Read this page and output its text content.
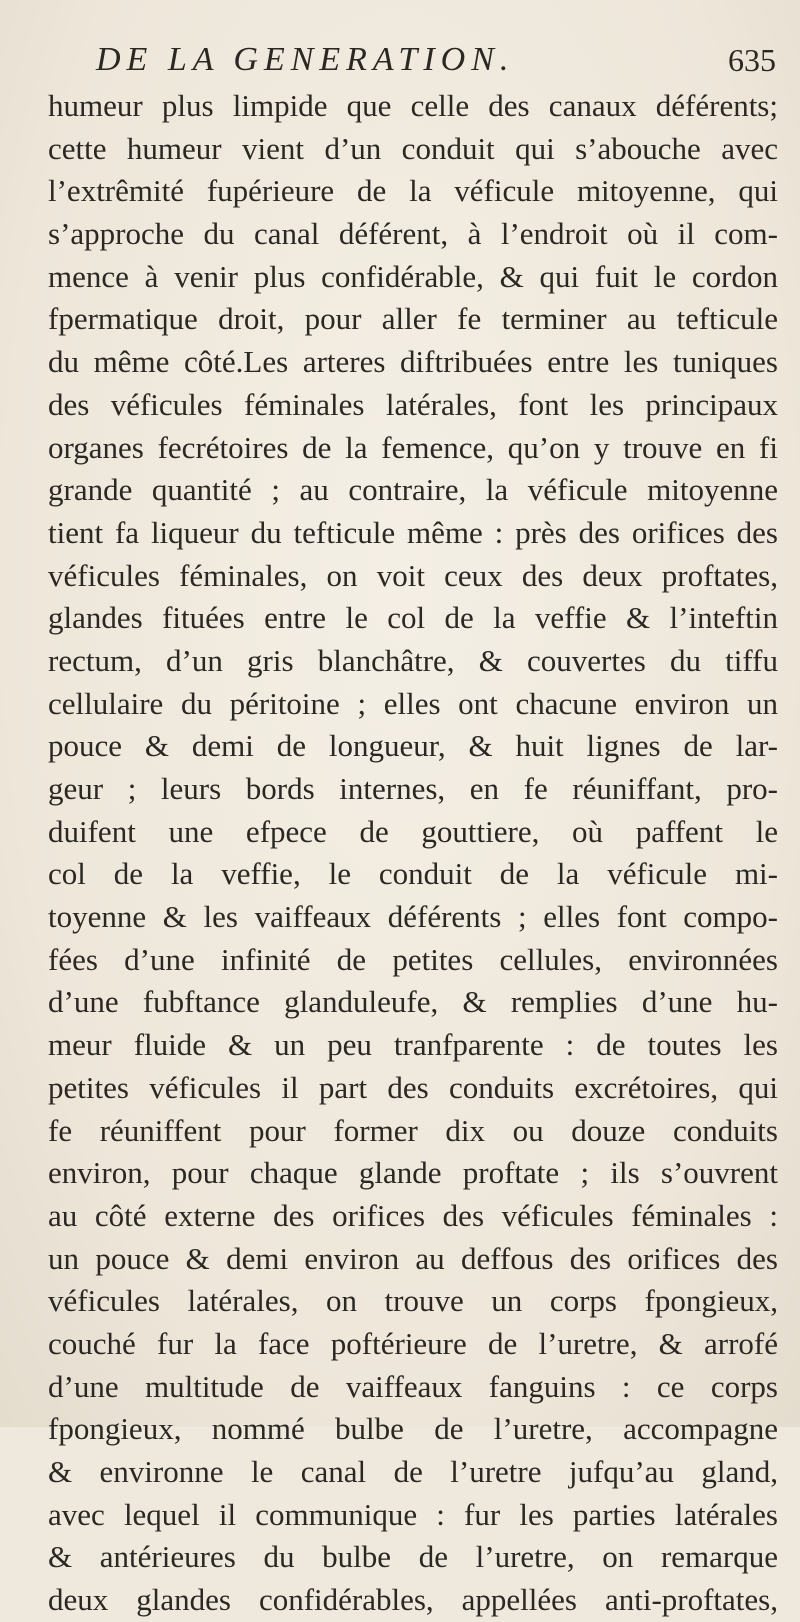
DE LA GENERATION.	635
humeur plus limpide que celle des canaux déférents;
cette humeur vient d’un conduit qui s’abouche avec
l’extrêmité fupérieure de la véficule mitoyenne, qui
s’approche du canal déférent, à l’endroit où il com-
mence à venir plus confidérable, & qui fuit le cordon
fpermatique droit, pour aller fe terminer au tefticule
du même côté.Les arteres diftribuées entre les tuniques
des véficules féminales latérales, font les principaux
organes fecrétoires de la femence, qu’on y trouve en fi
grande quantité ; au contraire, la véficule mitoyenne
tient fa liqueur du tefticule même : près des orifices des
véficules féminales, on voit ceux des deux proftates,
glandes fituées entre le col de la veffie & l’inteftin
rectum, d’un gris blanchâtre, & couvertes du tiffu
cellulaire du péritoine ; elles ont chacune environ un
pouce & demi de longueur, & huit lignes de lar-
geur ; leurs bords internes, en fe réuniffant, pro-
duifent une efpece de gouttiere, où paffent le
col de la veffie, le conduit de la véficule mi-
toyenne & les vaiffeaux déférents ; elles font compo-
fées d’une infinité de petites cellules, environnées
d’une fubftance glanduleufe, & remplies d’une hu-
meur fluide & un peu tranfparente : de toutes les
petites véficules il part des conduits excrétoires, qui
fe réuniffent pour former dix ou douze conduits
environ, pour chaque glande proftate ; ils s’ouvrent
au côté externe des orifices des véficules féminales :
un pouce & demi environ au deffous des orifices des
véficules latérales, on trouve un corps fpongieux,
couché fur la face poftérieure de l’uretre, & arrofé
d’une multitude de vaiffeaux fanguins : ce corps
fpongieux, nommé bulbe de l’uretre, accompagne
& environne le canal de l’uretre jufqu’au gland,
avec lequel il communique : fur les parties latérales
& antérieures du bulbe de l’uretre, on remarque
deux glandes confidérables, appellées anti-proftates,
